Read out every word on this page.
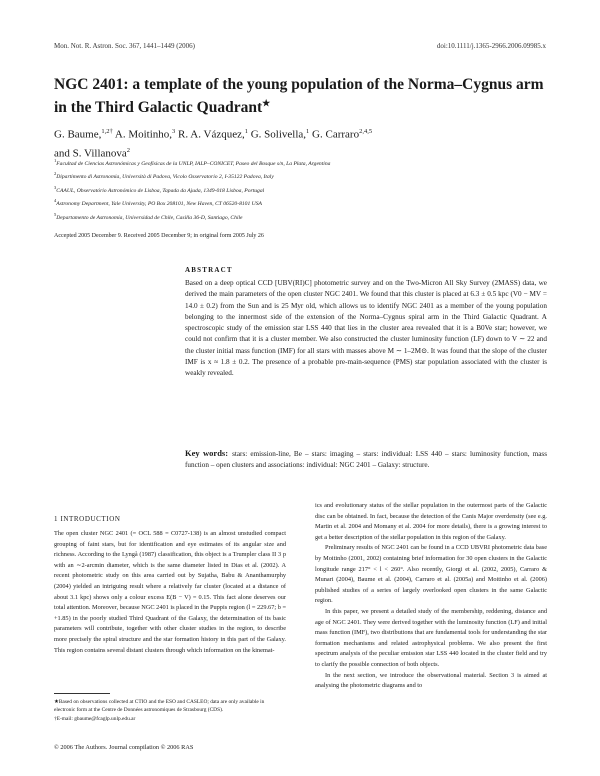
Mon. Not. R. Astron. Soc. 367, 1441–1449 (2006)	doi:10.1111/j.1365-2966.2006.09985.x
NGC 2401: a template of the young population of the Norma–Cygnus arm in the Third Galactic Quadrant★
G. Baume,$^{1,2\dagger}$ A. Moitinho,$^3$ R. A. Vázquez,$^1$ G. Solivella,$^1$ G. Carraro$^{2,4,5}$
and S. Villanova$^2$
$^1$Facultad de Ciencias Astronómicas y Geofísicas de la UNLP, IALP–CONICET, Paseo del Bosque s/n, La Plata, Argentina
$^2$Dipartimento di Astronomia, Università di Padova, Vicolo Osservatorio 2, I-35122 Padova, Italy
$^3$CAAUL, Observatório Astronómico de Lisboa, Tapada da Ajuda, 1349-018 Lisboa, Portugal
$^4$Astronomy Department, Yale University, PO Box 208101, New Haven, CT 06520-8101 USA
$^5$Departamento de Astronomía, Universidad de Chile, Casilla 36-D, Santiago, Chile
Accepted 2005 December 9. Received 2005 December 9; in original form 2005 July 26
ABSTRACT

Based on a deep optical CCD [UBV(RI)C] photometric survey and on the Two-Micron All Sky Survey (2MASS) data, we derived the main parameters of the open cluster NGC 2401. We found that this cluster is placed at 6.3 ± 0.5 kpc (V0 − MV = 14.0 ± 0.2) from the Sun and is 25 Myr old, which allows us to identify NGC 2401 as a member of the young population belonging to the innermost side of the extension of the Norma–Cygnus spiral arm in the Third Galactic Quadrant. A spectroscopic study of the emission star LSS 440 that lies in the cluster area revealed that it is a B0Ve star; however, we could not confirm that it is a cluster member. We also constructed the cluster luminosity function (LF) down to V ∼ 22 and the cluster initial mass function (IMF) for all stars with masses above M ∼ 1–2M⊙. It was found that the slope of the cluster IMF is x ≈ 1.8 ± 0.2. The presence of a probable pre-main-sequence (PMS) star population associated with the cluster is weakly revealed.

Key words: stars: emission-line, Be – stars: imaging – stars: individual: LSS 440 – stars: luminosity function, mass function – open clusters and associations: individual: NGC 2401 – Galaxy: structure.
1 INTRODUCTION

The open cluster NGC 2401 (= OCL 588 = C0727-138) is an almost unstudied compact grouping of faint stars, but for identification and eye estimates of its angular size and richness. According to the Lyngå (1987) classification, this object is a Trumpler class II 3 p with an ∼2-arcmin diameter, which is the same diameter listed in Dias et al. (2002). A recent photometric study on this area carried out by Sujatha, Babu & Ananthamurphy (2004) yielded an intriguing result where a relatively far cluster (located at a distance of about 3.1 kpc) shows only a colour excess E(B − V) = 0.15. This fact alone deserves our total attention. Moreover, because NGC 2401 is placed in the Puppis region (l = 229.67; b = +1.85) in the poorly studied Third Quadrant of the Galaxy, the determination of its basic parameters will contribute, together with other cluster studies in the region, to describe more precisely the spiral structure and the star formation history in this part of the Galaxy. This region contains several distant clusters through which information on the kinemat-

ics and evolutionary status of the stellar population in the outermost parts of the Galactic disc can be obtained. In fact, because the detection of the Canis Major overdensity (see e.g. Martin et al. 2004 and Momany et al. 2004 for more details), there is a growing interest to get a better description of the stellar population in this region of the Galaxy.

Preliminary results of NGC 2401 can be found in a CCD UBVRI photometric data base by Moitinho (2001, 2002) containing brief information for 30 open clusters in the Galactic longitude range 217° < l < 260°. Also recently, Giorgi et al. (2002, 2005), Carraro & Munari (2004), Baume et al. (2004), Carraro et al. (2005a) and Moitinho et al. (2006) published studies of a series of largely overlooked open clusters in the same Galactic region.

In this paper, we present a detailed study of the membership, reddening, distance and age of NGC 2401. They were derived together with the luminosity function (LF) and initial mass function (IMF), two distributions that are fundamental tools for understanding the star formation mechanisms and related astrophysical problems. We also present the first spectrum analysis of the peculiar emission star LSS 440 located in the cluster field and try to clarify the possible connection of both objects.

In the next section, we introduce the observational material. Section 3 is aimed at analysing the photometric diagrams and to

★Based on observations collected at CTIO and the ESO and CASLEO; data are only available in electronic form at the Centre de Données astronomiques de Strasbourg (CDS).
†E-mail: gbaume@fcaglp.unlp.edu.ar
© 2006 The Authors. Journal compilation © 2006 RAS
